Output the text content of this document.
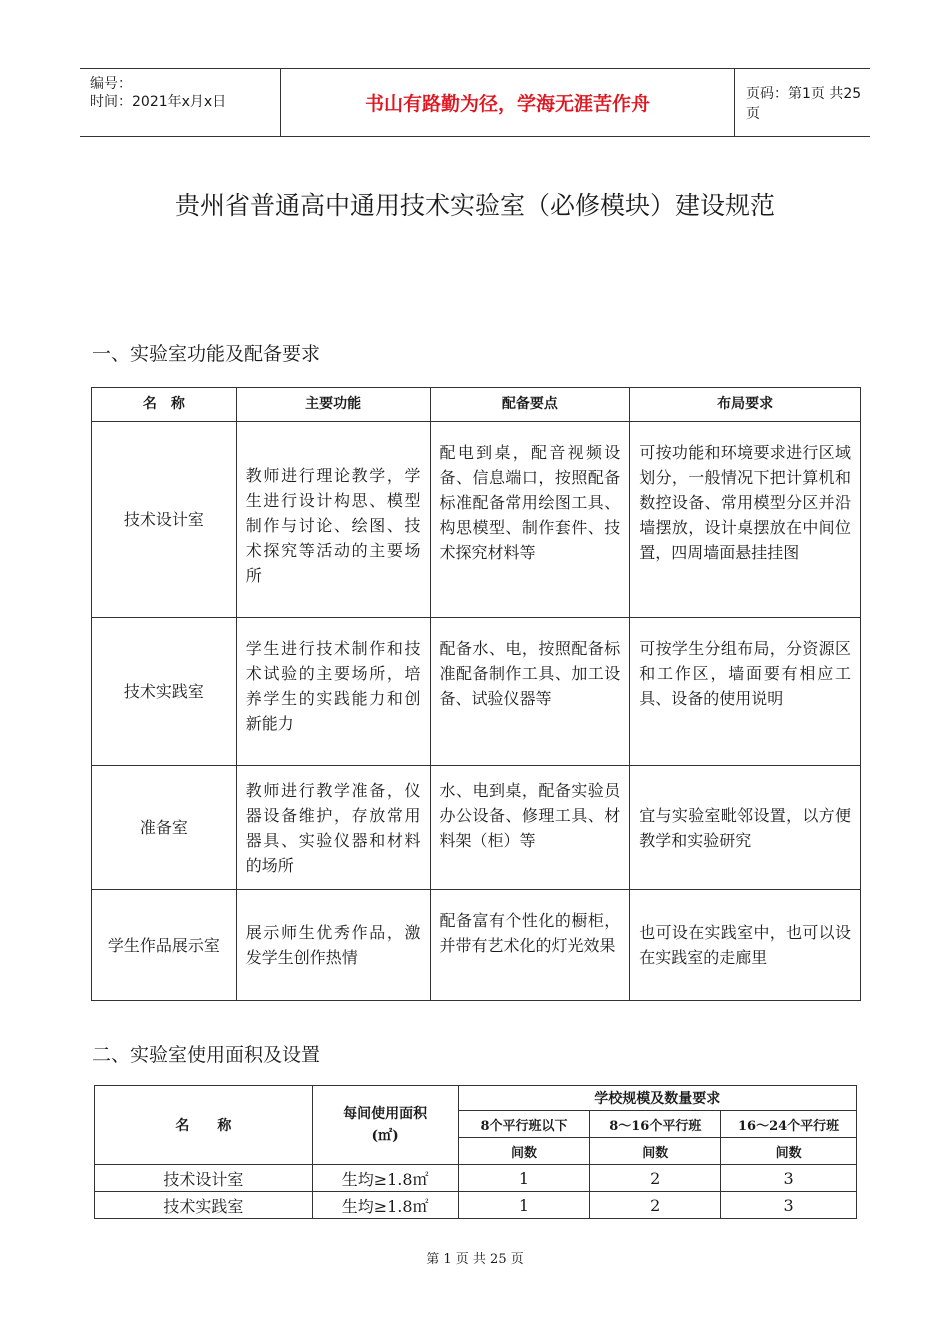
编号：
时间：2021年x月x日	书山有路勤为径，学海无涯苦作舟	页码：第1页 共25页
贵州省普通高中通用技术实验室（必修模块）建设规范
一、实验室功能及配备要求
名　称	主要功能	配备要点	布局要求
技术设计室	教师进行理论教学，学生进行设计构思、模型制作与讨论、绘图、技术探究等活动的主要场所	配电到桌，配音视频设备、信息端口，按照配备标准配备常用绘图工具、构思模型、制作套件、技术探究材料等	可按功能和环境要求进行区域划分，一般情况下把计算机和数控设备、常用模型分区并沿墙摆放，设计桌摆放在中间位置，四周墙面悬挂挂图
技术实践室	学生进行技术制作和技术试验的主要场所，培养学生的实践能力和创新能力	配备水、电，按照配备标准配备制作工具、加工设备、试验仪器等	可按学生分组布局，分资源区和工作区，墙面要有相应工具、设备的使用说明
准备室	教师进行教学准备，仪器设备维护，存放常用器具、实验仪器和材料的场所	水、电到桌，配备实验员办公设备、修理工具、材料架（柜）等	宜与实验室毗邻设置，以方便教学和实验研究
学生作品展示室	展示师生优秀作品，激发学生创作热情	配备富有个性化的橱柜，并带有艺术化的灯光效果	也可设在实践室中，也可以设在实践室的走廊里
二、实验室使用面积及设置
名　　称	每间使用面积(㎡)	学校规模及数量要求		
		8个平行班以下	8～16个平行班	16～24个平行班
		间数	间数	间数
技术设计室	生均≥1.8㎡	1	2	3
技术实践室	生均≥1.8㎡	1	2	3
第 1 页 共 25 页
